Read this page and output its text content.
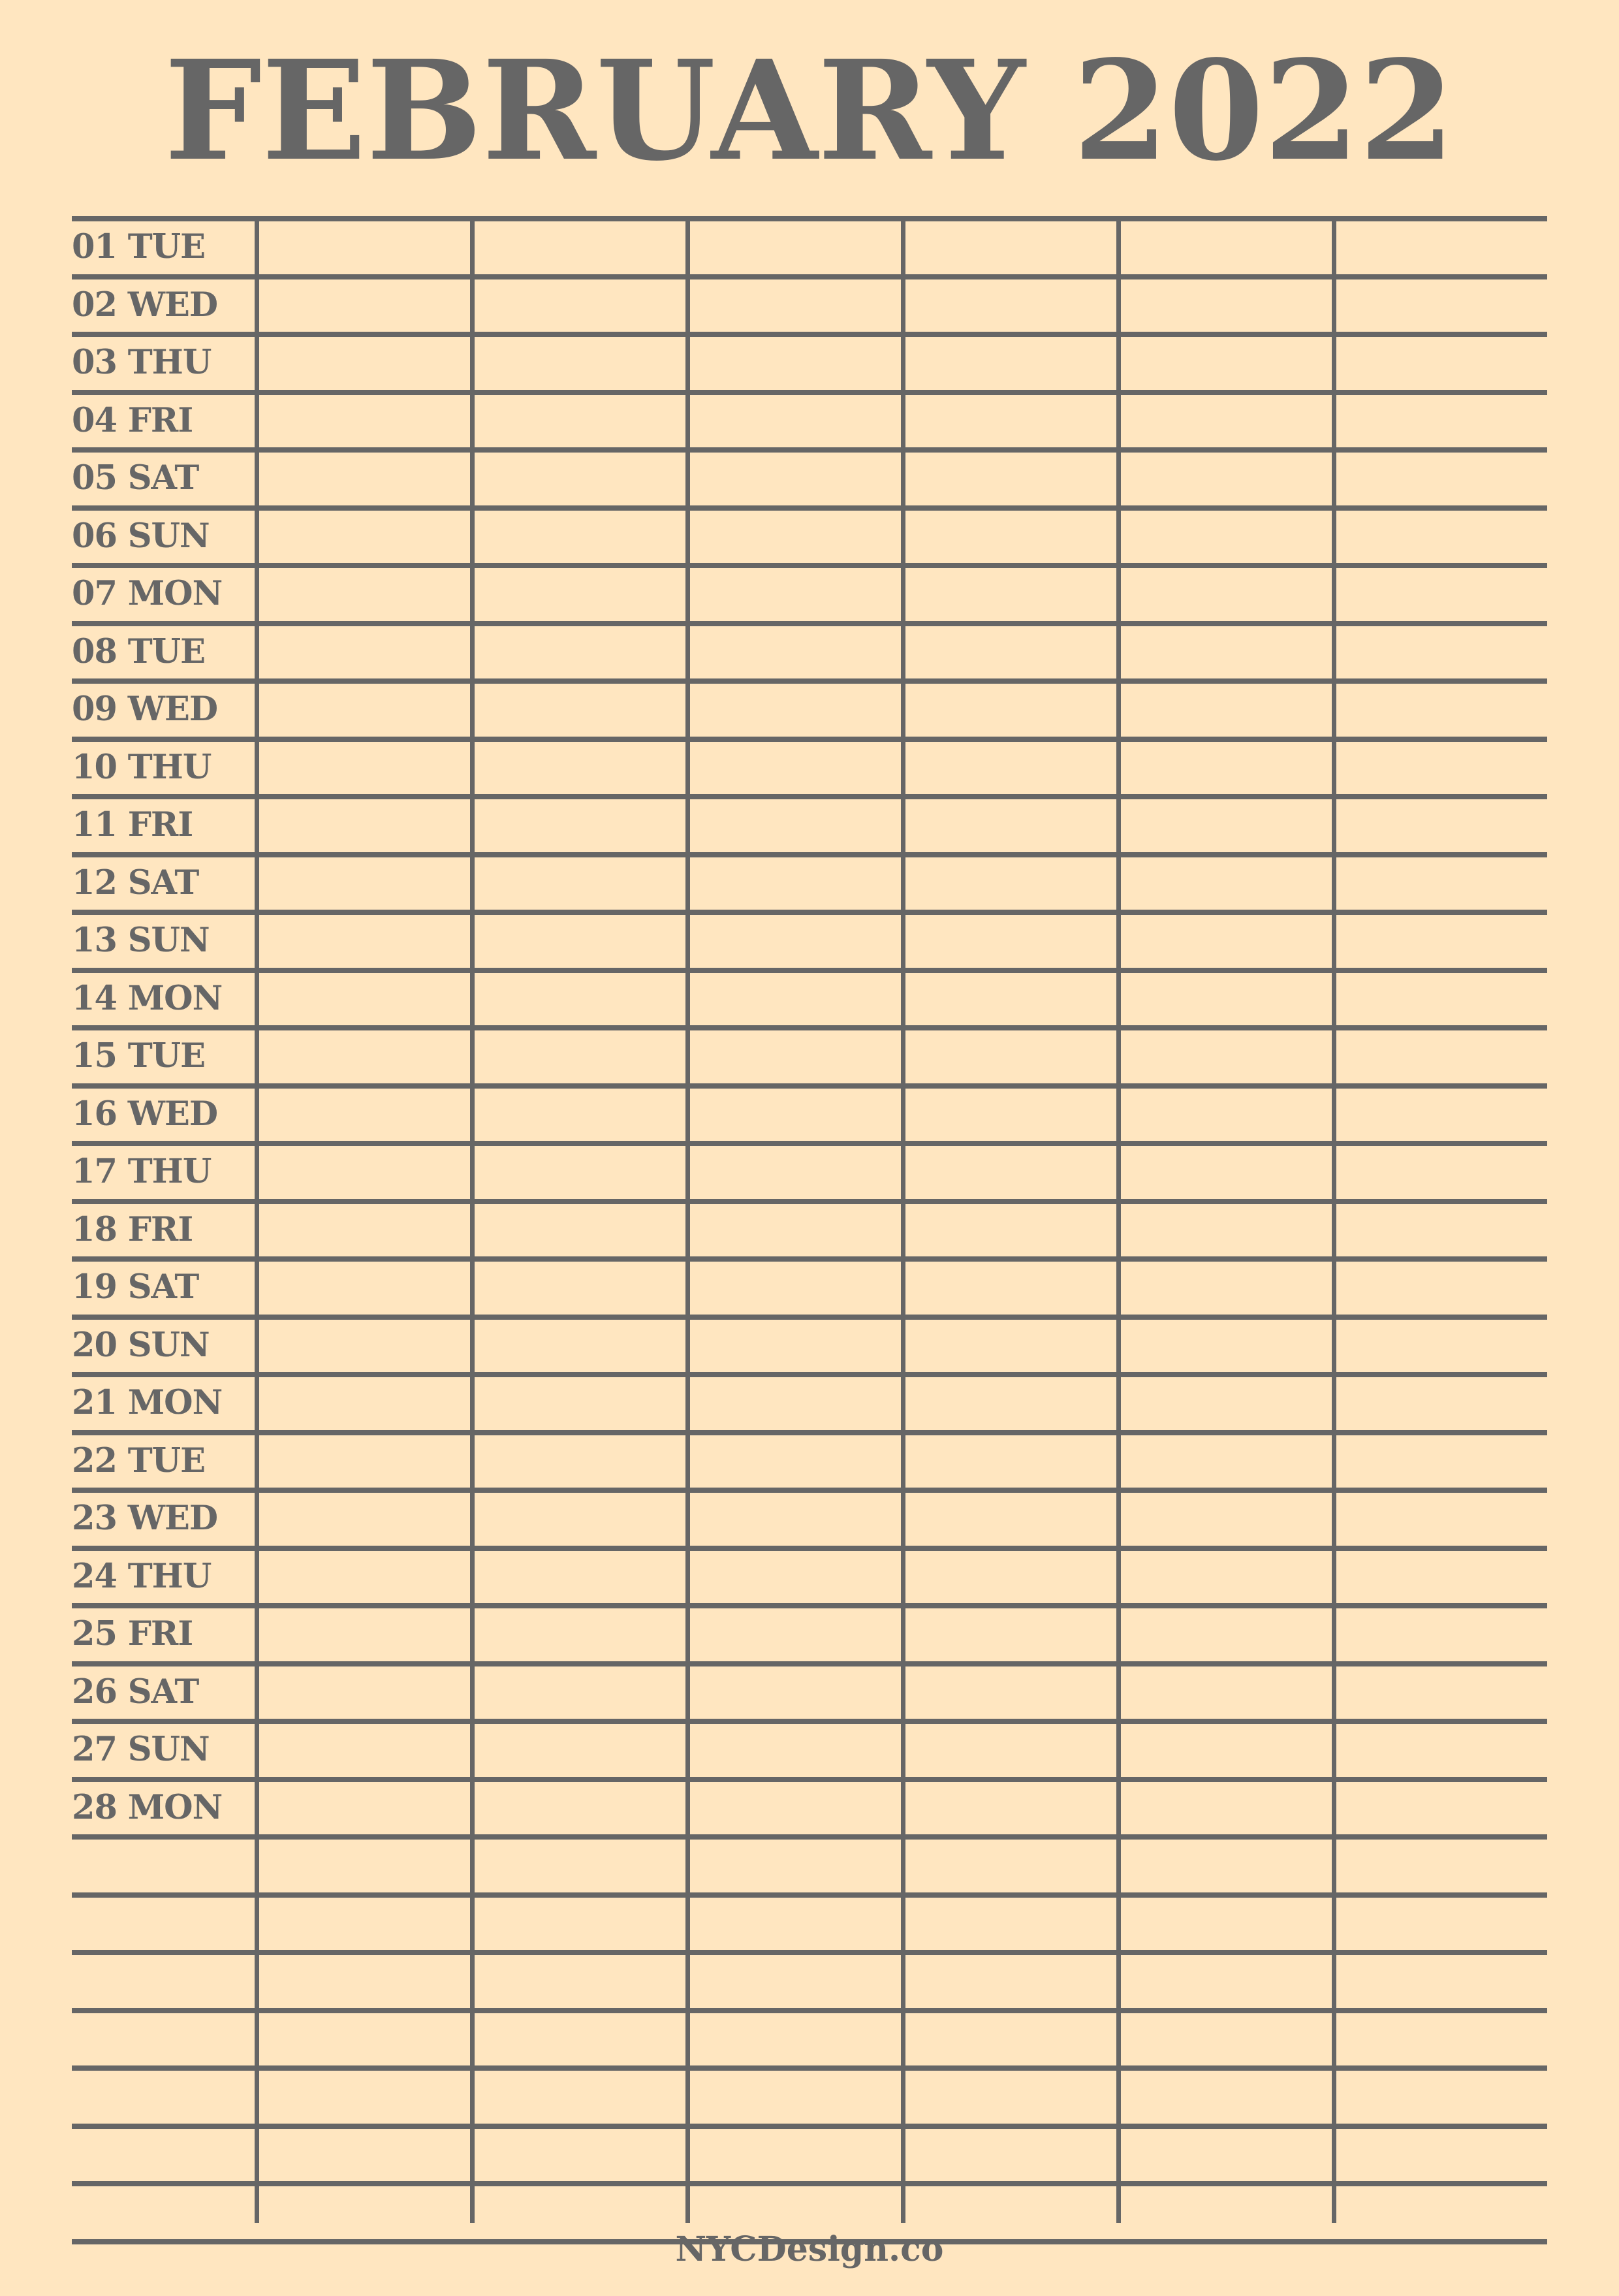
FEBRUARY 2022
01 TUE
02 WED
03 THU
04 FRI
05 SAT
06 SUN
07 MON
08 TUE
09 WED
10 THU
11 FRI
12 SAT
13 SUN
14 MON
15 TUE
16 WED
17 THU
18 FRI
19 SAT
20 SUN
21 MON
22 TUE
23 WED
24 THU
25 FRI
26 SAT
27 SUN
28 MON
NYCDesign.co
